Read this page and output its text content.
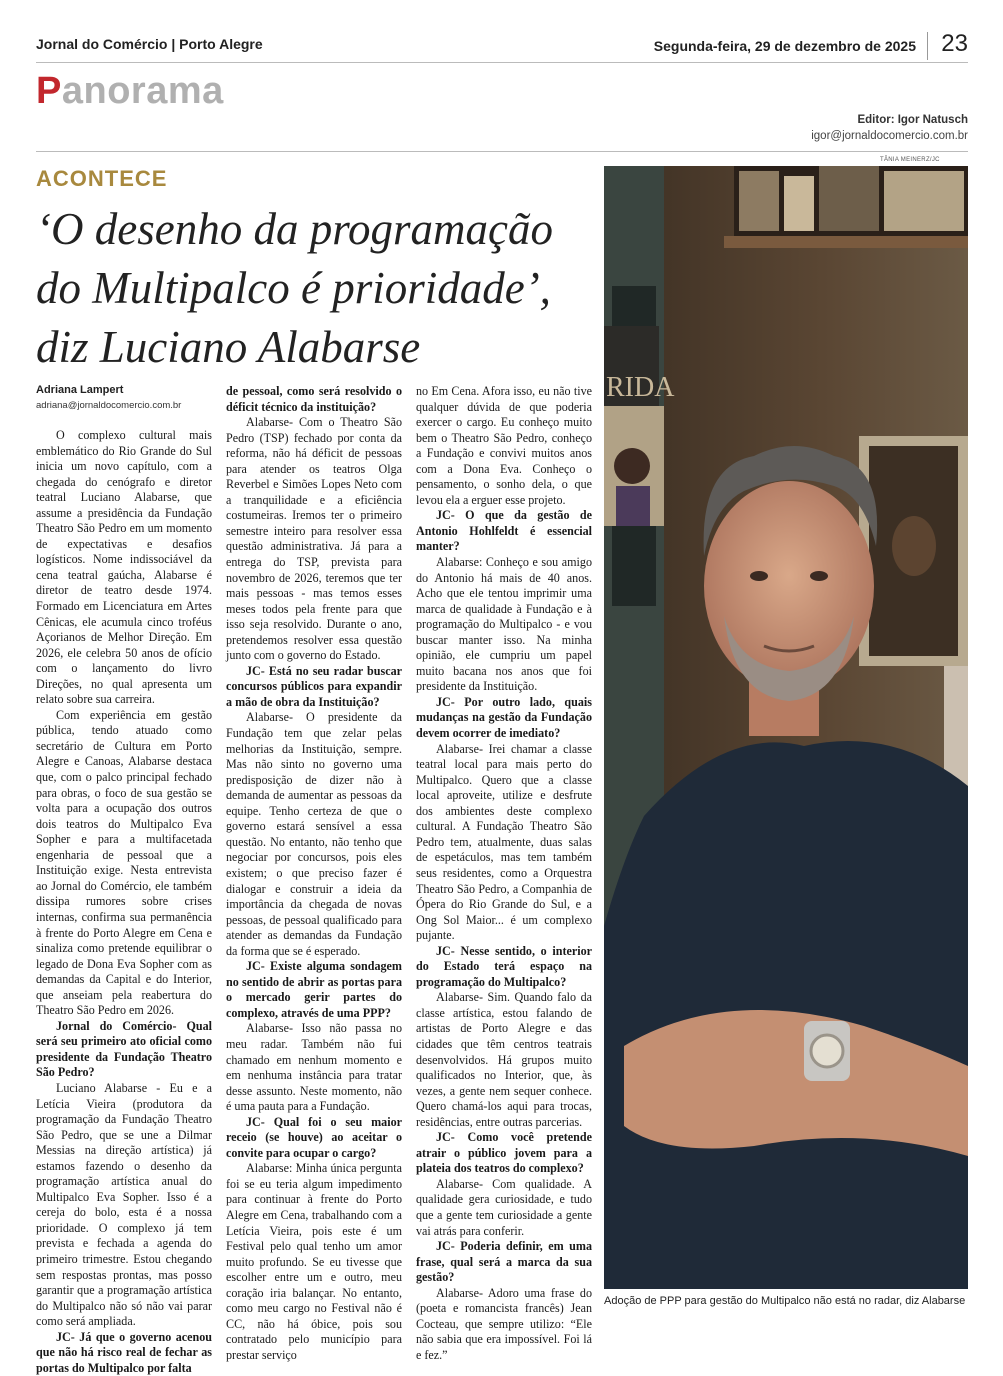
Jornal do Comércio | Porto Alegre	Segunda-feira, 29 de dezembro de 2025 23
Panorama
Editor: Igor Natusch
igor@jornaldocomercio.com.br
ACONTECE
‘O desenho da programação
do Multipalco é prioridade’,
diz Luciano Alabarse
Adriana Lampert
adriana@jornaldocomercio.com.br

O complexo cultural mais emblemático do Rio Grande do Sul inicia um novo capítulo, com a chegada do cenógrafo e diretor teatral Luciano Alabarse, que assume a presidência da Fundação Theatro São Pedro em um momento de expectativas e desafios logísticos. Nome indissociável da cena teatral gaúcha, Alabarse é diretor de teatro desde 1974. Formado em Licenciatura em Artes Cênicas, ele acumula cinco troféus Açorianos de Melhor Direção. Em 2026, ele celebra 50 anos de ofício com o lançamento do livro Direções, no qual apresenta um relato sobre sua carreira.

Com experiência em gestão pública, tendo atuado como secretário de Cultura em Porto Alegre e Canoas, Alabarse destaca que, com o palco principal fechado para obras, o foco de sua gestão se volta para a ocupação dos outros dois teatros do Multipalco Eva Sopher e para a multifacetada engenharia de pessoal que a Instituição exige. Nesta entrevista ao Jornal do Comércio, ele também dissipa rumores sobre crises internas, confirma sua permanência à frente do Porto Alegre em Cena e sinaliza como pretende equilibrar o legado de Dona Eva Sopher com as demandas da Capital e do Interior, que anseiam pela reabertura do Theatro São Pedro em 2026.

Jornal do Comércio- Qual será seu primeiro ato oficial como presidente da Fundação Theatro São Pedro?

Luciano Alabarse - Eu e a Letícia Vieira (produtora da programação da Fundação Theatro São Pedro, que se une a Dilmar Messias na direção artística) já estamos fazendo o desenho da programação artística anual do Multipalco Eva Sopher. Isso é a cereja do bolo, esta é a nossa prioridade. O complexo já tem prevista e fechada a agenda do primeiro trimestre. Estou chegando sem respostas prontas, mas posso garantir que a programação artística do Multipalco não só não vai parar como será ampliada.

JC- Já que o governo acenou que não há risco real de fechar as portas do Multipalco por falta

de pessoal, como será resolvido o déficit técnico da instituição?

Alabarse- Com o Theatro São Pedro (TSP) fechado por conta da reforma, não há déficit de pessoas para atender os teatros Olga Reverbel e Simões Lopes Neto com a tranquilidade e a eficiência costumeiras. Iremos ter o primeiro semestre inteiro para resolver essa questão administrativa. Já para a entrega do TSP, prevista para novembro de 2026, teremos que ter mais pessoas - mas temos esses meses todos pela frente para que isso seja resolvido. Durante o ano, pretendemos resolver essa questão junto com o governo do Estado.

JC- Está no seu radar buscar concursos públicos para expandir a mão de obra da Instituição?

Alabarse- O presidente da Fundação tem que zelar pelas melhorias da Instituição, sempre. Mas não sinto no governo uma predisposição de dizer não à demanda de aumentar as pessoas da equipe. Tenho certeza de que o governo estará sensível a essa questão. No entanto, não tenho que negociar por concursos, pois eles existem; o que preciso fazer é dialogar e construir a ideia da importância da chegada de novas pessoas, de pessoal qualificado para atender as demandas da Fundação da forma que se é esperado.

JC- Existe alguma sondagem no sentido de abrir as portas para o mercado gerir partes do complexo, através de uma PPP?

Alabarse- Isso não passa no meu radar. Também não fui chamado em nenhum momento e em nenhuma instância para tratar desse assunto. Neste momento, não é uma pauta para a Fundação.

JC- Qual foi o seu maior receio (se houve) ao aceitar o convite para ocupar o cargo?

Alabarse: Minha única pergunta foi se eu teria algum impedimento para continuar à frente do Porto Alegre em Cena, trabalhando com a Letícia Vieira, pois este é um Festival pelo qual tenho um amor muito profundo. Se eu tivesse que escolher entre um e outro, meu coração iria balançar. No entanto, como meu cargo no Festival não é CC, não há óbice, pois sou contratado pelo município para prestar serviço

no Em Cena. Afora isso, eu não tive qualquer dúvida de que poderia exercer o cargo. Eu conheço muito bem o Theatro São Pedro, conheço a Fundação e convivi muitos anos com a Dona Eva. Conheço o pensamento, o sonho dela, o que levou ela a erguer esse projeto.

JC- O que da gestão de Antonio Hohlfeldt é essencial manter?

Alabarse: Conheço e sou amigo do Antonio há mais de 40 anos. Acho que ele tentou imprimir uma marca de qualidade à Fundação e à programação do Multipalco - e vou buscar manter isso. Na minha opinião, ele cumpriu um papel muito bacana nos anos que foi presidente da Instituição.

JC- Por outro lado, quais mudanças na gestão da Fundação devem ocorrer de imediato?

Alabarse- Irei chamar a classe teatral local para mais perto do Multipalco. Quero que a classe local aproveite, utilize e desfrute dos ambientes deste complexo cultural. A Fundação Theatro São Pedro tem, atualmente, duas salas de espetáculos, mas tem também seus residentes, como a Orquestra Theatro São Pedro, a Companhia de Ópera do Rio Grande do Sul, e a Ong Sol Maior... é um complexo pujante.

JC- Nesse sentido, o interior do Estado terá espaço na programação do Multipalco?

Alabarse- Sim. Quando falo da classe artística, estou falando de artistas de Porto Alegre e das cidades que têm centros teatrais desenvolvidos. Há grupos muito qualificados no Interior, que, às vezes, a gente nem sequer conhece. Quero chamá-los aqui para trocas, residências, entre outras parcerias.

JC- Como você pretende atrair o público jovem para a plateia dos teatros do complexo?

Alabarse- Com qualidade. A qualidade gera curiosidade, e tudo que a gente tem curiosidade a gente vai atrás para conferir.

JC- Poderia definir, em uma frase, qual será a marca da sua gestão?

Alabarse- Adoro uma frase do (poeta e romancista francês) Jean Cocteau, que sempre utilizo: “Ele não sabia que era impossível. Foi lá e fez.”

TÂNIA MEINERZ/JC
RIDA
Adoção de PPP para gestão do Multipalco não está no radar, diz Alabarse
